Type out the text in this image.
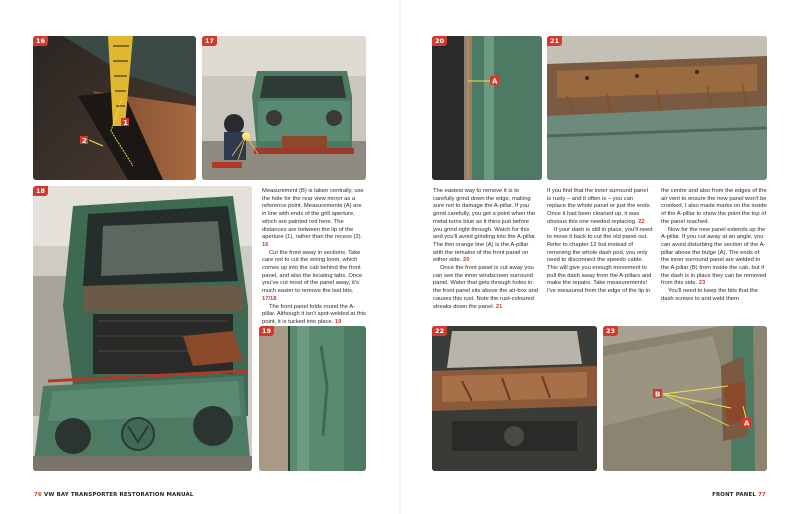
16
1
2
17
18
19

Measurement (B) is taken centrally, use the hole for the rear view mirror as a reference point. Measurements (A) are in line with ends of the grill aperture, which are painted red here. The distances are between the lip of the aperture (1), rather than the recess (2). 16

Cut the front away in sections. Take care not to cut the wiring loom, which comes up into the cab behind the front panel, and also the locating tabs. Once you've cut most of the panel away, it's much easier to remove the last bits. 17/18

The front panel folds round the A-pillar. Although it isn't spot-welded at this point, it is tucked into place. 19

20
A
21

The easiest way to remove it is to carefully grind down the edge, making sure not to damage the A-pillar. If you grind carefully, you get a point when the metal turns blue as it thins just before you grind right through. Watch for this and you'll avoid grinding into the A-pillar. The thin orange line (A) is the A-pillar with the remains of the front panel on either side. 20

Once the front panel is cut away you can see the inner windscreen surround panel. Water that gets through holes in the front panel sits above the air-box and causes this rust. Note the rust-coloured streaks down the panel. 21

If you find that the inner surround panel is rusty – and it often is – you can replace the whole panel or just the ends. Once it had been cleaned up, it was obvious this one needed replacing. 22

If your dash is still in place, you'll need to move it back to cut the old panel out. Refer to chapter 12 but instead of removing the whole dash pod, you only need to disconnect the speedo cable. This will give you enough movement to pull the dash away from the A-pillars and make the repairs. Take measurements! I've measured from the edge of the lip in

the centre and also from the edges of the air vent to ensure the new panel won't be crooked. I also made marks on the inside of the A-pillar to show the point the top of the panel reached.

Now for the new panel extends up the A-pillar. If you cut away at an angle, you can avoid disturbing the section of the A-pillar above the bulge (A). The ends of the inner surround panel are welded to the A-pillar (B) from inside the cab, but if the dash is in place they can be removed from this side. 23

You'll need to keep the bits that the dash screws to and weld them

22	23
B
A
76 VW BAY TRANSPORTER RESTORATION MANUAL	FRONT PANEL 77
